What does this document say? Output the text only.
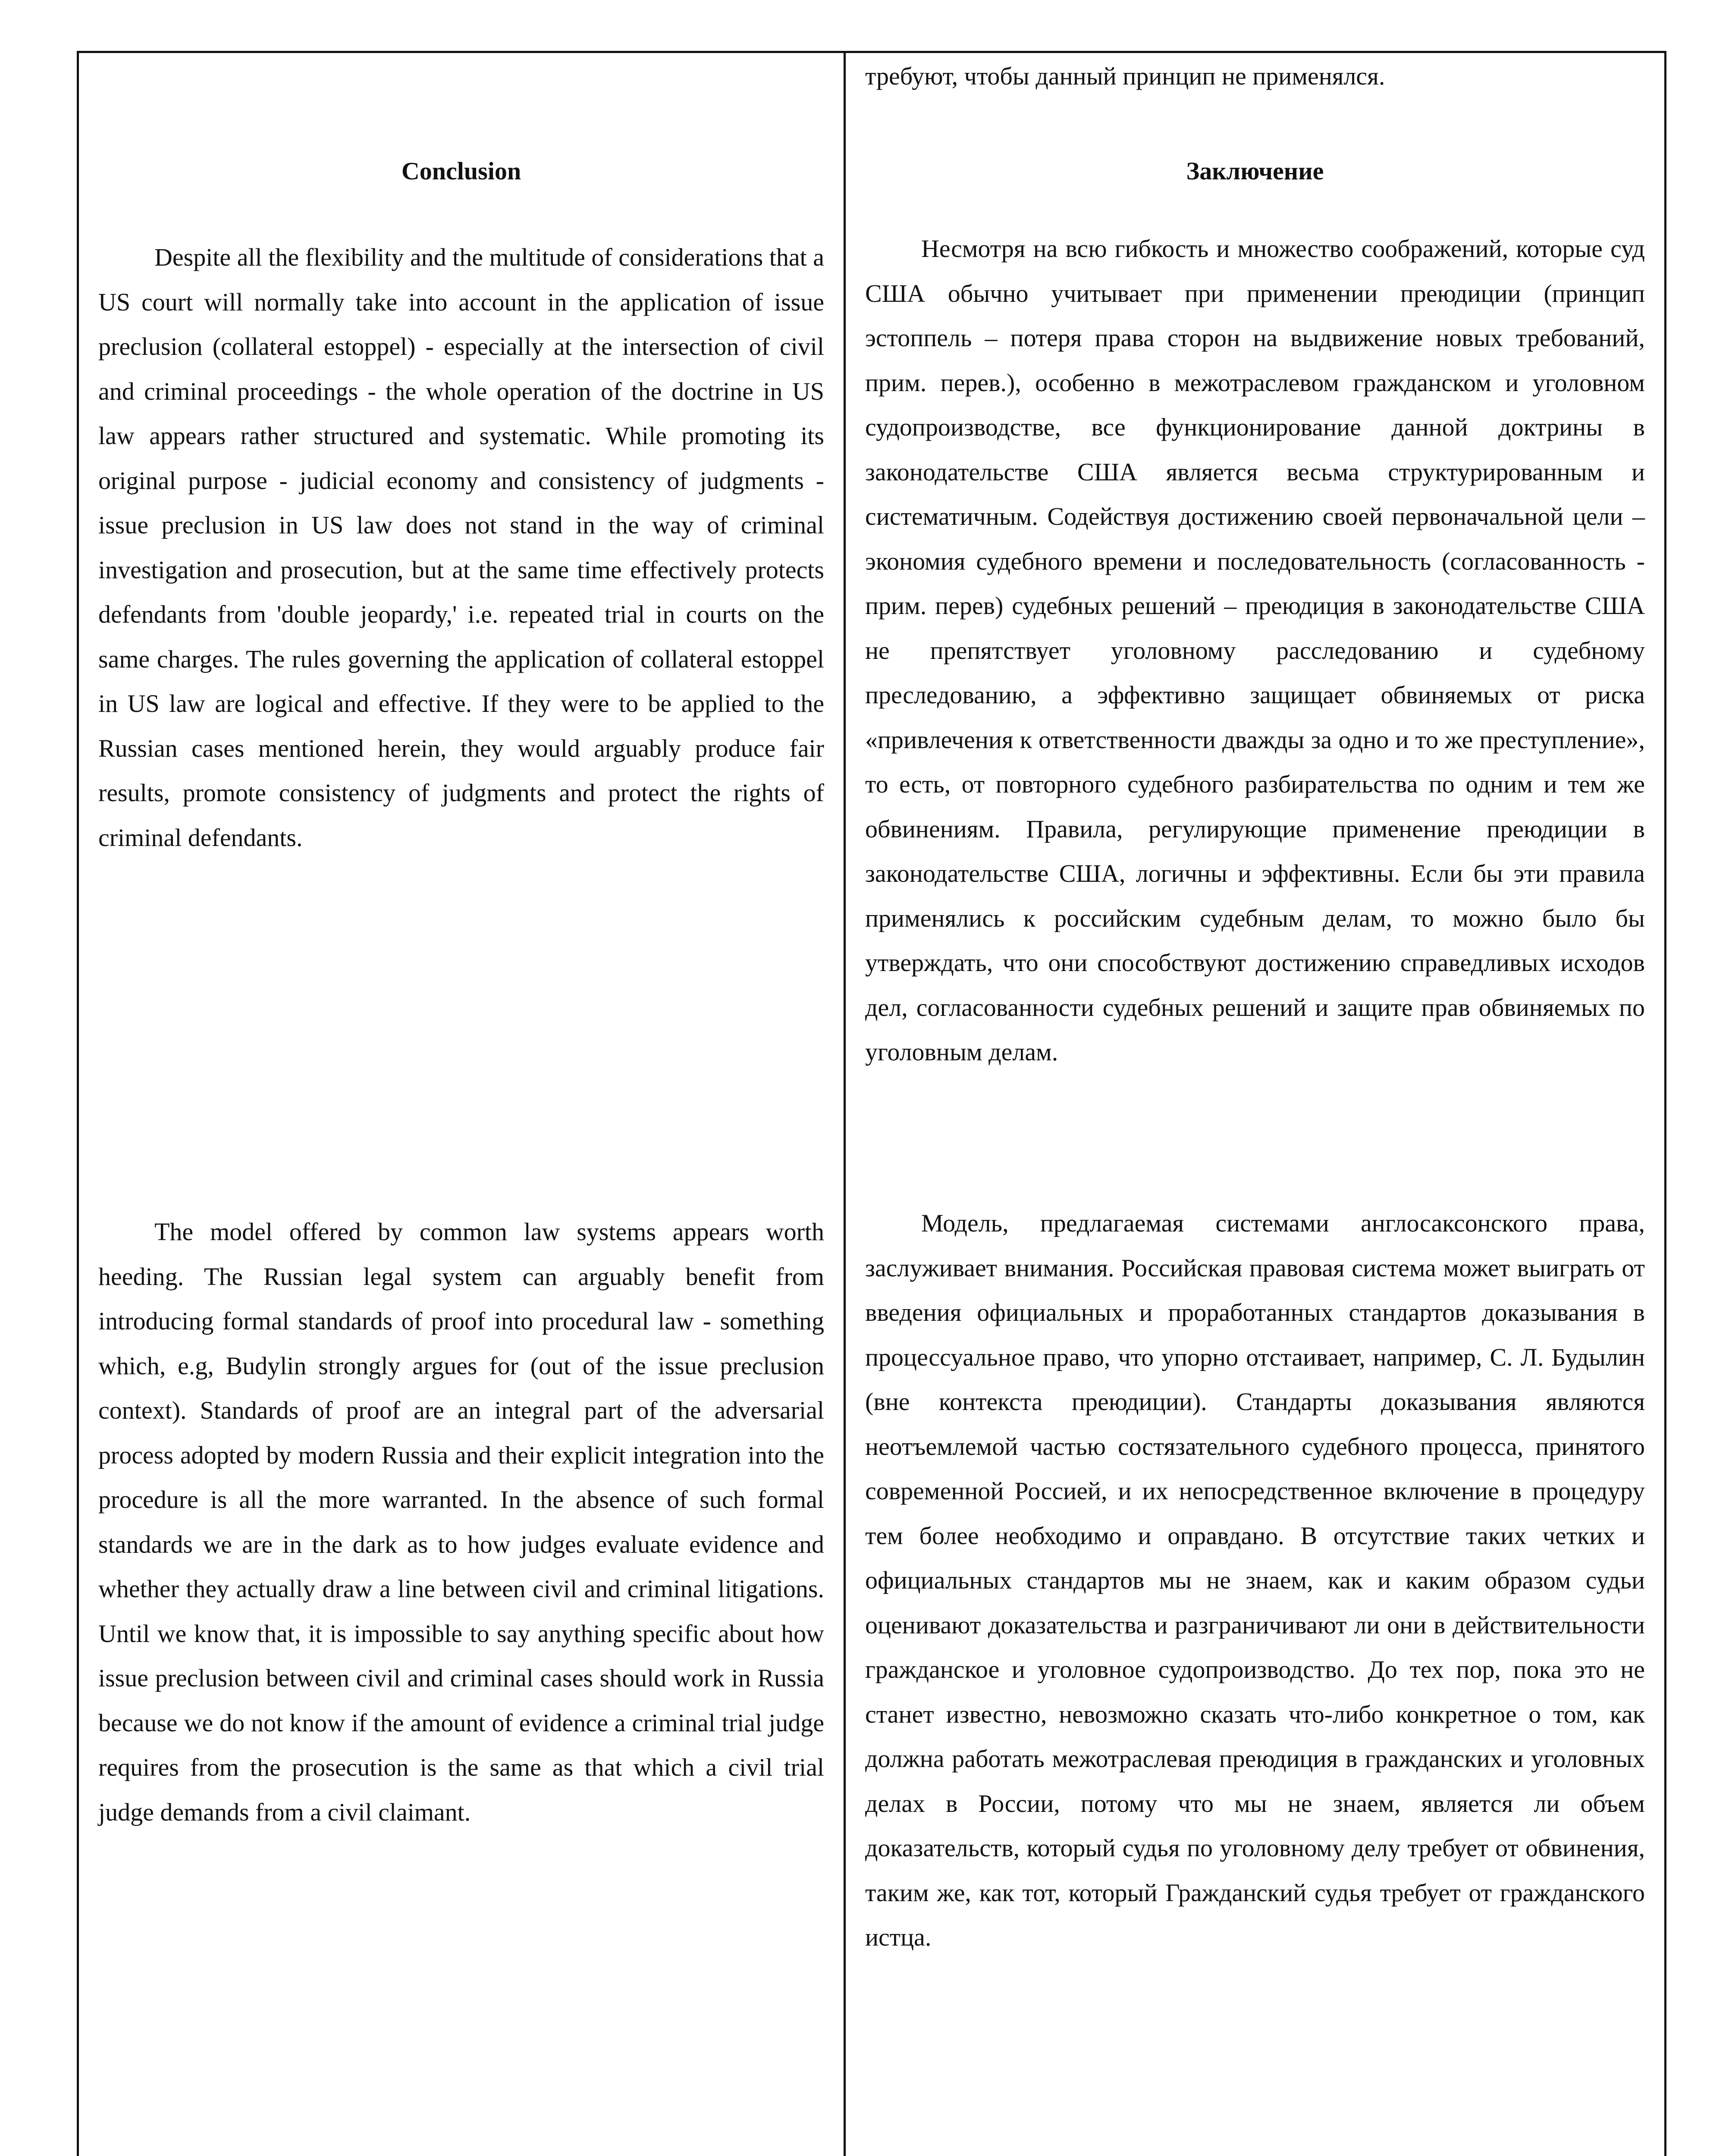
Conclusion

Despite all the flexibility and the multitude of considerations that a US court will normally take into account in the application of issue preclusion (collateral estoppel) - especially at the intersection of civil and criminal proceedings - the whole operation of the doctrine in US law appears rather structured and systematic. While promoting its original purpose - judicial economy and consistency of judgments - issue preclusion in US law does not stand in the way of criminal investigation and prosecution, but at the same time effectively protects defendants from 'double jeopardy,' i.e. repeated trial in courts on the same charges. The rules governing the application of collateral estoppel in US law are logical and effective. If they were to be applied to the Russian cases mentioned herein, they would arguably produce fair results, promote consistency of judgments and protect the rights of criminal defendants.

The model offered by common law systems appears worth heeding. The Russian legal system can arguably benefit from introducing formal standards of proof into procedural law - something which, e.g, Budylin strongly argues for (out of the issue preclusion context). Standards of proof are an integral part of the adversarial process adopted by modern Russia and their explicit integration into the procedure is all the more warranted. In the absence of such formal standards we are in the dark as to how judges evaluate evidence and whether they actually draw a line between civil and criminal litigations. Until we know that, it is impossible to say anything specific about how issue preclusion between civil and criminal cases should work in Russia because we do not know if the amount of evidence a criminal trial judge requires from the prosecution is the same as that which a civil trial judge demands from a civil claimant.

требуют, чтобы данный принцип не применялся.

Заключение

Несмотря на всю гибкость и множество соображений, которые суд США обычно учитывает при применении преюдиции (принцип эстоппель – потеря права сторон на выдвижение новых требований, прим. перев.), особенно в межотраслевом гражданском и уголовном судопроизводстве, все функционирование данной доктрины в законодательстве США является весьма структурированным и систематичным. Содействуя достижению своей первоначальной цели – экономия судебного времени и последовательность (согласованность - прим. перев) судебных решений – преюдиция в законодательстве США не препятствует уголовному расследованию и судебному преследованию, а эффективно защищает обвиняемых от риска «привлечения к ответственности дважды за одно и то же преступление», то есть, от повторного судебного разбирательства по одним и тем же обвинениям. Правила, регулирующие применение преюдиции в законодательстве США, логичны и эффективны. Если бы эти правила применялись к российским судебным делам, то можно было бы утверждать, что они способствуют достижению справедливых исходов дел, согласованности судебных решений и защите прав обвиняемых по уголовным делам.

Модель, предлагаемая системами англосаксонского права, заслуживает внимания. Российская правовая система может выиграть от введения официальных и проработанных стандартов доказывания в процессуальное право, что упорно отстаивает, например, С. Л. Будылин (вне контекста преюдиции). Стандарты доказывания являются неотъемлемой частью состязательного судебного процесса, принятого современной Россией, и их непосредственное включение в процедуру тем более необходимо и оправдано. В отсутствие таких четких и официальных стандартов мы не знаем, как и каким образом судьи оценивают доказательства и разграничивают ли они в действительности гражданское и уголовное судопроизводство. До тех пор, пока это не станет известно, невозможно сказать что-либо конкретное о том, как должна работать межотраслевая преюдиция в гражданских и уголовных делах в России, потому что мы не знаем, является ли объем доказательств, который судья по уголовному делу требует от обвинения, таким же, как тот, который Гражданский судья требует от гражданского истца.
